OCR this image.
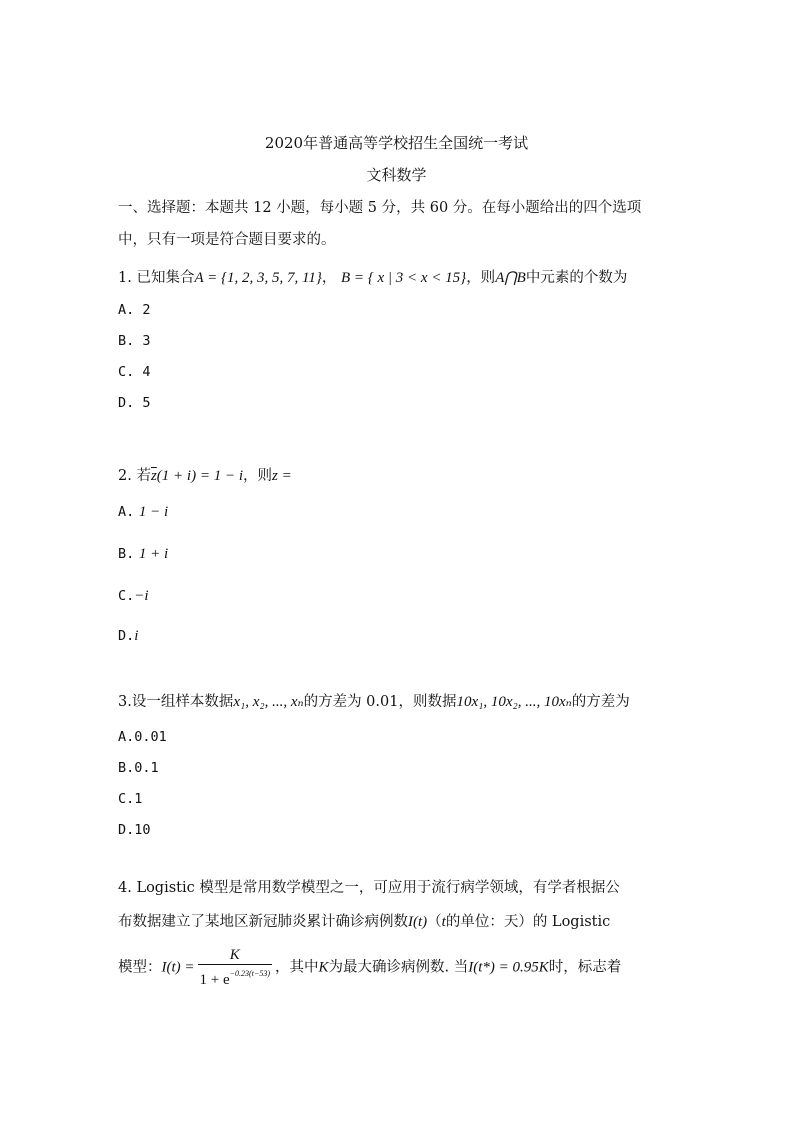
2020年普通高等学校招生全国统一考试
文科数学
一、选择题：本题共 12 小题，每小题 5 分，共 60 分。在每小题给出的四个选项
中，只有一项是符合题目要求的。
1. 已知集合A = {1, 2, 3, 5, 7, 11}， B = { x | 3 < x < 15}，则A⋂B中元素的个数为
A. 2
B. 3
C. 4
D. 5
2. 若$\overline{z}(1 + i) = 1 - i$，则z =
A. 1 − i
B. 1 + i
C.−i
D.i
3.设一组样本数据x₁, x₂, ..., xₙ的方差为 0.01，则数据10x₁, 10x₂, ..., 10xₙ的方差为
A.0.01
B.0.1
C.1
D.10
4. Logistic 模型是常用数学模型之一，可应用于流行病学领域，有学者根据公
布数据建立了某地区新冠肺炎累计确诊病例数I(t)（t的单位：天）的 Logistic
模型：$I(t) = \frac{K}{1 + e^{-0.23(t-53)}}$ ，其中K为最大确诊病例数. 当I(t*) = 0.95K时，标志着
